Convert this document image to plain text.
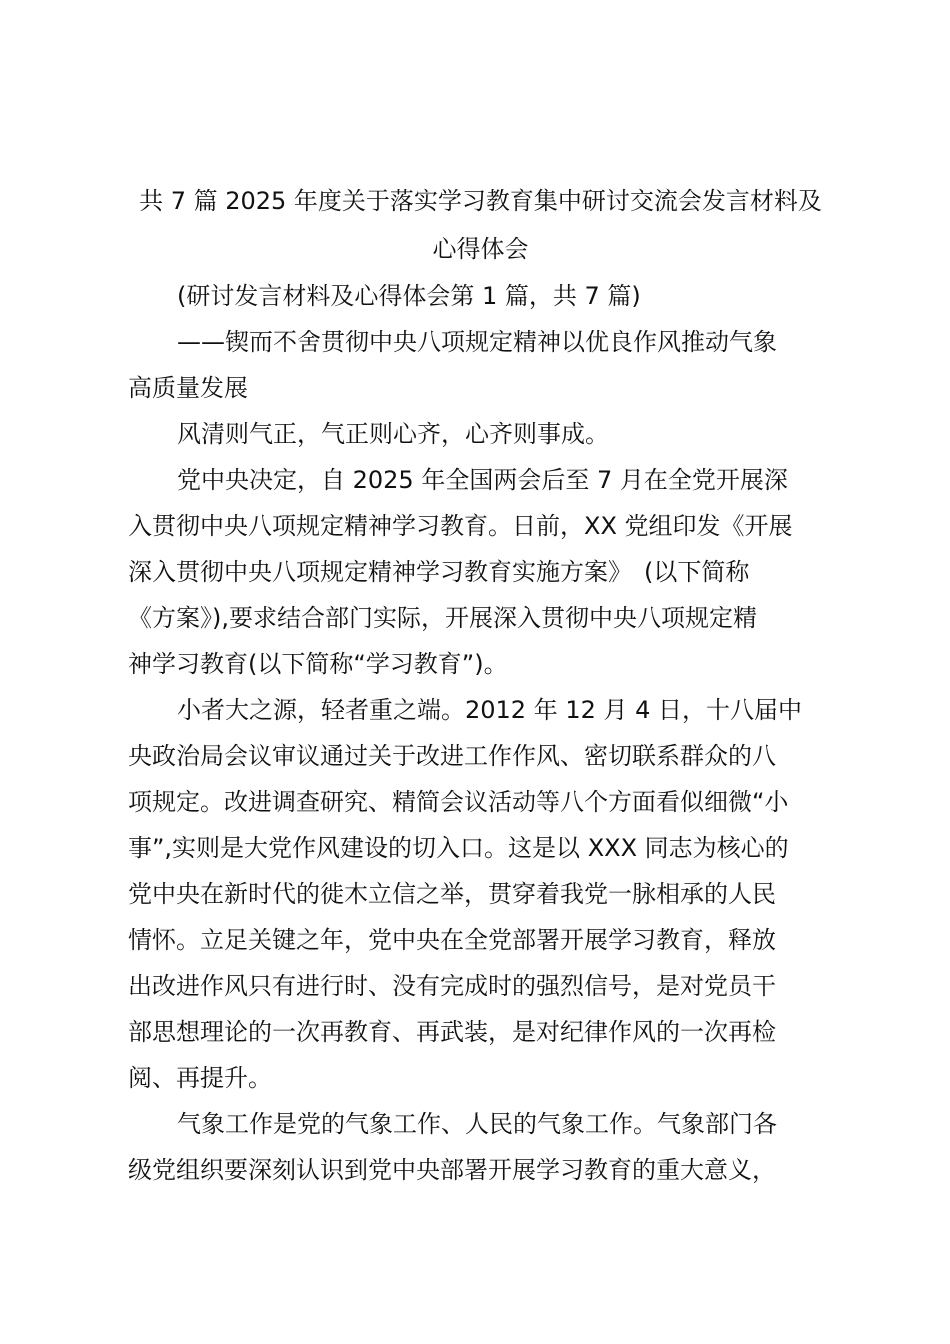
共 7 篇 2025 年度关于落实学习教育集中研讨交流会发言材料及
心得体会

(研讨发言材料及心得体会第 1 篇，共 7 篇)

——锲而不舍贯彻中央八项规定精神以优良作风推动气象

高质量发展

风清则气正，气正则心齐，心齐则事成。

党中央决定，自 2025 年全国两会后至 7 月在全党开展深

入贯彻中央八项规定精神学习教育。日前，XX 党组印发《开展

深入贯彻中央八项规定精神学习教育实施方案》　(以下简称

《方案》),要求结合部门实际，开展深入贯彻中央八项规定精

神学习教育(以下简称“学习教育”)。

小者大之源，轻者重之端。2012 年 12 月 4 日，十八届中

央政治局会议审议通过关于改进工作作风、密切联系群众的八

项规定。改进调查研究、精简会议活动等八个方面看似细微“小

事”,实则是大党作风建设的切入口。这是以 XXX 同志为核心的

党中央在新时代的徙木立信之举，贯穿着我党一脉相承的人民

情怀。立足关键之年，党中央在全党部署开展学习教育，释放

出改进作风只有进行时、没有完成时的强烈信号，是对党员干

部思想理论的一次再教育、再武装，是对纪律作风的一次再检

阅、再提升。

气象工作是党的气象工作、人民的气象工作。气象部门各

级党组织要深刻认识到党中央部署开展学习教育的重大意义，
